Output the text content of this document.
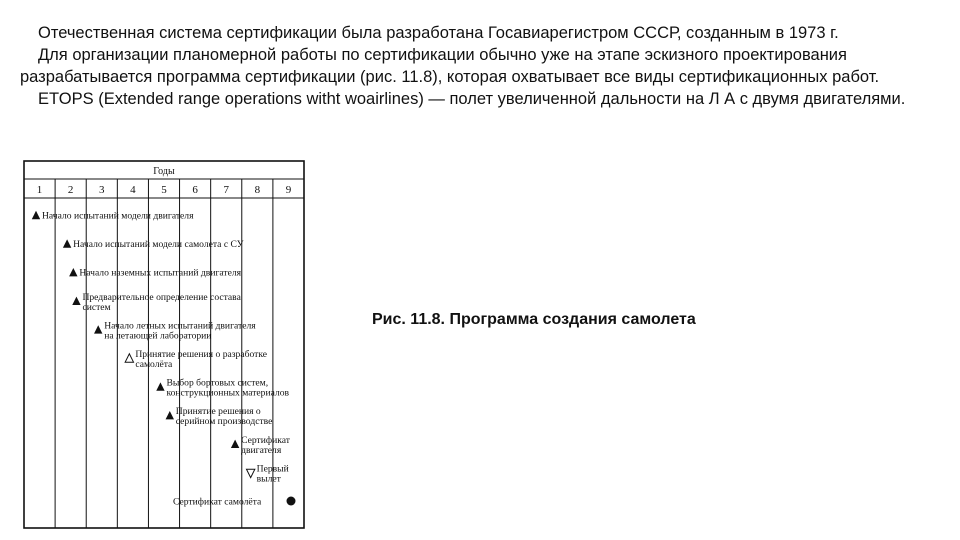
Отечественная система сертификации была разработана Госавиарегистром СССР, созданным в 1973 г.

Для организации планомерной работы по сертификации обычно уже на этапе эскизного проектирования разрабатывается программа сертификации (рис. 11.8), которая охватывает все виды сертификационных работ.

ETOPS (Extended range operations witht woairlines) — полет увеличенной дальности на Л А с двумя двигателями.

Годы
1 2 3 4 5 6 7 8 9
Начало испытаний модели двигателя
Начало испытаний модели самолета с СУ
Начало наземных испытаний двигателя
Предварительное определение состава
систем
Начало летных испытаний двигателя
на летающей лаборатории
Принятие решения о разработке
самолёта
Выбор бортовых систем,
конструкционных материалов
Принятие решения о
серийном производстве
Сертификат
двигателя
Первый
вылет
Сертификат самолёта
Рис. 11.8. Программа создания самолета
